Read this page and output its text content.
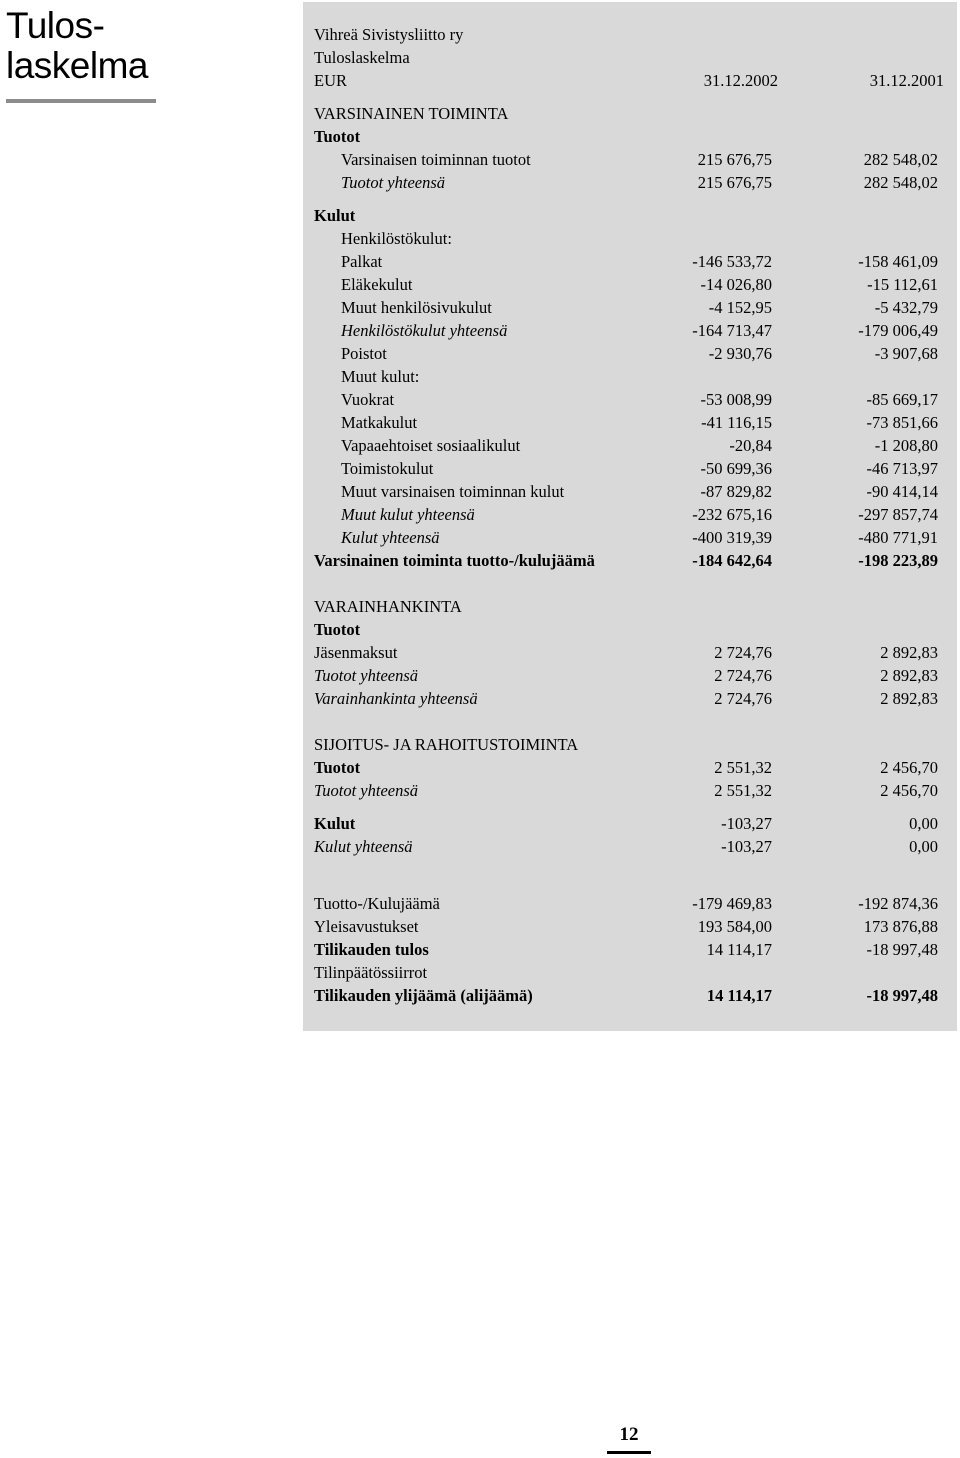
Tulos-
laskelma
Vihreä Sivistysliitto ry
Tuloslaskelma
EUR	31.12.2002	31.12.2001
VARSINAINEN TOIMINTA
Tuotot
Varsinaisen toiminnan tuotot	215 676,75	282 548,02
Tuotot yhteensä	215 676,75	282 548,02
Kulut
Henkilöstökulut:
Palkat	-146 533,72	-158 461,09
Eläkekulut	-14 026,80	-15 112,61
Muut henkilösivukulut	-4 152,95	-5 432,79
Henkilöstökulut yhteensä	-164 713,47	-179 006,49
Poistot	-2 930,76	-3 907,68
Muut kulut:
Vuokrat	-53 008,99	-85 669,17
Matkakulut	-41 116,15	-73 851,66
Vapaaehtoiset sosiaalikulut	-20,84	-1 208,80
Toimistokulut	-50 699,36	-46 713,97
Muut varsinaisen toiminnan kulut	-87 829,82	-90 414,14
Muut kulut yhteensä	-232 675,16	-297 857,74
Kulut yhteensä	-400 319,39	-480 771,91
Varsinainen toiminta tuotto-/kulujäämä	-184 642,64	-198 223,89
VARAINHANKINTA
Tuotot
Jäsenmaksut	2 724,76	2 892,83
Tuotot yhteensä	2 724,76	2 892,83
Varainhankinta yhteensä	2 724,76	2 892,83
SIJOITUS- JA RAHOITUSTOIMINTA
Tuotot	2 551,32	2 456,70
Tuotot yhteensä	2 551,32	2 456,70
Kulut	-103,27	0,00
Kulut yhteensä	-103,27	0,00
Tuotto-/Kulujäämä	-179 469,83	-192 874,36
Yleisavustukset	193 584,00	173 876,88
Tilikauden tulos	14 114,17	-18 997,48
Tilinpäätössiirrot
Tilikauden ylijäämä (alijäämä)	14 114,17	-18 997,48
12
